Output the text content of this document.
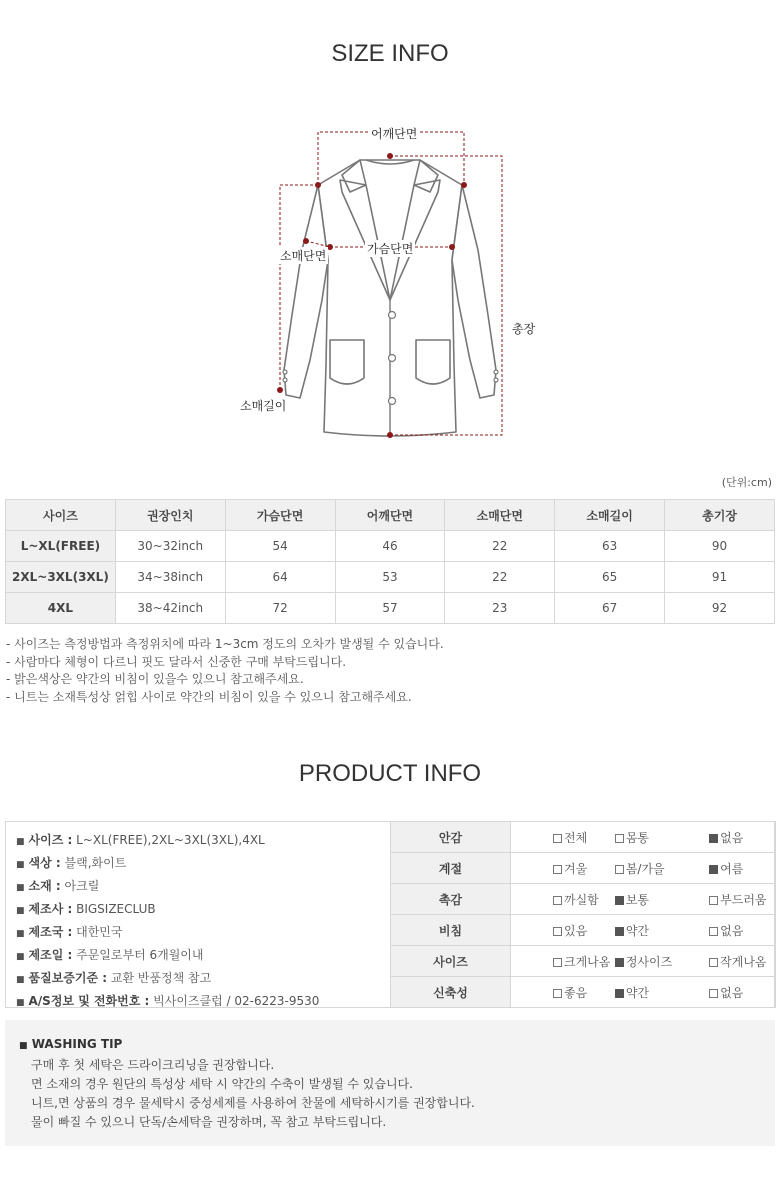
SIZE INFO
어깨단면
가슴단면
소매단면
총장
소매길이
(단위:cm)
사이즈	권장인치	가슴단면	어깨단면	소매단면	소매길이	총기장
L~XL(FREE)	30~32inch	54	46	22	63	90
2XL~3XL(3XL)	34~38inch	64	53	22	65	91
4XL	38~42inch	72	57	23	67	92
- 사이즈는 측정방법과 측정위치에 따라 1~3cm 정도의 오차가 발생될 수 있습니다.
- 사람마다 체형이 다르니 핏도 달라서 신중한 구매 부탁드립니다.
- 밝은색상은 약간의 비침이 있을수 있으니 참고해주세요.
- 니트는 소재특성상 얽힙 사이로 약간의 비침이 있을 수 있으니 참고해주세요.
PRODUCT INFO
■ 사이즈 : L~XL(FREE),2XL~3XL(3XL),4XL
■ 색상 : 블랙,화이트
■ 소재 : 아크릴
■ 제조사 : BIGSIZECLUB
■ 제조국 : 대한민국
■ 제조일 : 주문일로부터 6개월이내
■ 품질보증기준 : 교환 반품정책 참고
■ A/S정보 및 전화번호 : 빅사이즈클럽 / 02-6223-9530
안감	전체	몸통	없음
계절	겨울	봄/가을	여름
촉감	까실함	보통	부드러움
비침	있음	약간	없음
사이즈	크게나옴	정사이즈	작게나옴
신축성	좋음	약간	없음
■ WASHING TIP
구매 후 첫 세탁은 드라이크리닝을 권장합니다.
면 소재의 경우 원단의 특성상 세탁 시 약간의 수축이 발생될 수 있습니다.
니트,면 상품의 경우 물세탁시 중성세제를 사용하여 찬물에 세탁하시기를 권장합니다.
물이 빠질 수 있으니 단독/손세탁을 권장하며, 꼭 참고 부탁드립니다.
